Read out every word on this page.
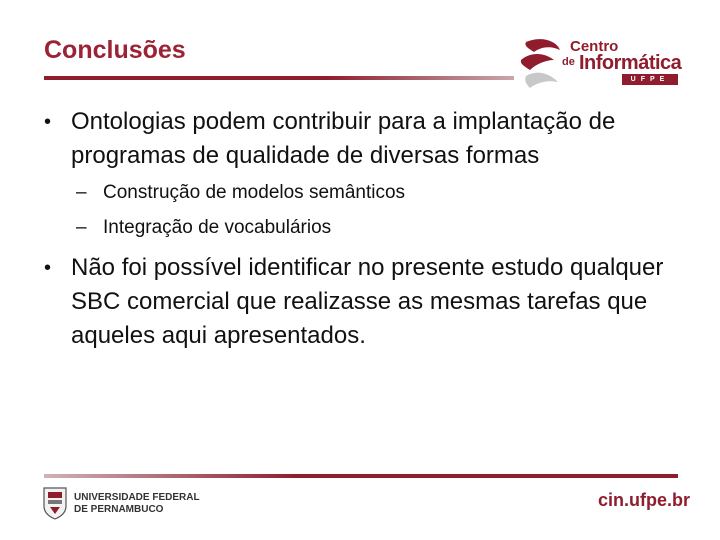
Conclusões	Centro
de Informática
UFPE
• Ontologias podem contribuir para a implantação de programas de qualidade de diversas formas
– Construção de modelos semânticos
– Integração de vocabulários
• Não foi possível identificar no presente estudo qualquer SBC comercial que realizasse as mesmas tarefas que aqueles aqui apresentados.
UNIVERSIDADE FEDERAL
DE PERNAMBUCO	cin.ufpe.br
